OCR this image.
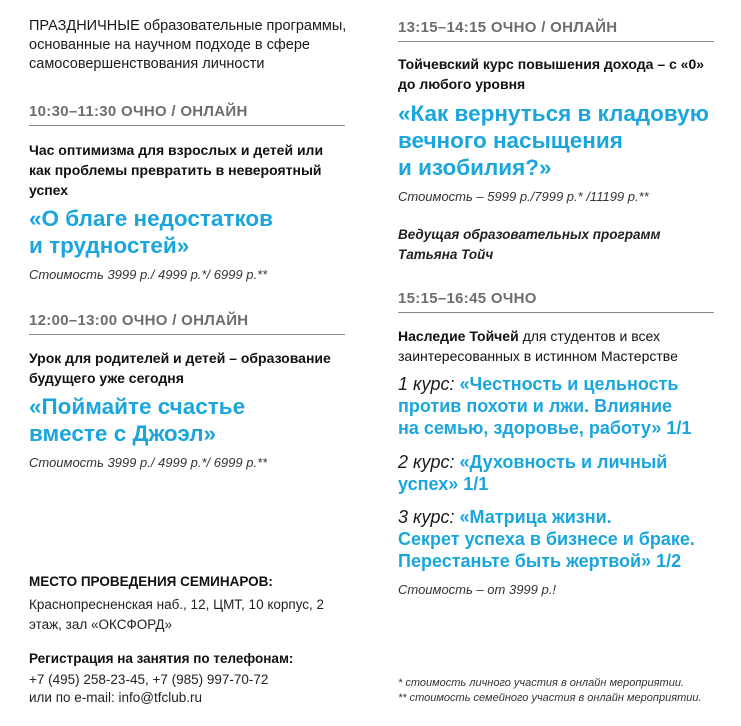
ПРАЗДНИЧНЫЕ образовательные программы, основанные на научном подходе в сфере самосовершенствования личности
10:30–11:30 ОЧНО / ОНЛАЙН
Час оптимизма для взрослых и детей или как проблемы превратить в невероятный успех
«О благе недостатков
и трудностей»
Стоимость 3999 р./ 4999 р.*/ 6999 р.**
12:00–13:00 ОЧНО / ОНЛАЙН
Урок для родителей и детей – образование будущего уже сегодня
«Поймайте счастье
вместе с Джоэл»
Стоимость 3999 р./ 4999 р.*/ 6999 р.**
МЕСТО ПРОВЕДЕНИЯ СЕМИНАРОВ:
Краснопресненская наб., 12, ЦМТ, 10 корпус, 2 этаж, зал «ОКСФОРД»
Регистрация на занятия по телефонам:
+7 (495) 258-23-45, +7 (985) 997-70-72
или по e-mail: info@tfclub.ru
13:15–14:15 ОЧНО / ОНЛАЙН
Тойчевский курс повышения дохода – с «0» до любого уровня
«Как вернуться в кладовую
вечного насыщения
и изобилия?»
Стоимость – 5999 р./7999 р.* /11199 р.**
Ведущая образовательных программ
Татьяна Тойч
15:15–16:45 ОЧНО
Наследие Тойчей для студентов и всех заинтересованных в истинном Мастерстве
1 курс: «Честность и цельность
против похоти и лжи. Влияние
на семью, здоровье, работу» 1/1
2 курс: «Духовность и личный
успех» 1/1
3 курс: «Матрица жизни.
Секрет успеха в бизнесе и браке.
Перестаньте быть жертвой» 1/2
Стоимость – от 3999 р.!
* стоимость личного участия в онлайн мероприятии.
** стоимость семейного участия в онлайн мероприятии.
